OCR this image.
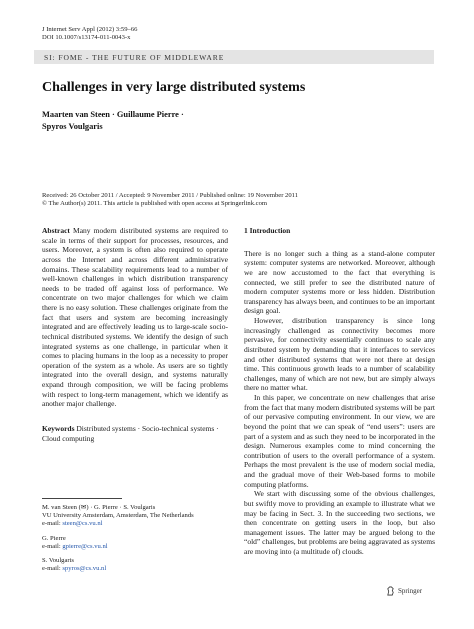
J Internet Serv Appl (2012) 3:59–66
DOI 10.1007/s13174-011-0043-x
SI: FOME - THE FUTURE OF MIDDLEWARE
Challenges in very large distributed systems
Maarten van Steen · Guillaume Pierre ·
Spyros Voulgaris
Received: 26 October 2011 / Accepted: 9 November 2011 / Published online: 19 November 2011
© The Author(s) 2011. This article is published with open access at Springerlink.com

Abstract Many modern distributed systems are required to scale in terms of their support for processes, resources, and users. Moreover, a system is often also required to operate across the Internet and across different administrative domains. These scalability requirements lead to a number of well-known challenges in which distribution transparency needs to be traded off against loss of performance. We concentrate on two major challenges for which we claim there is no easy solution. These challenges originate from the fact that users and system are becoming increasingly integrated and are effectively leading us to large-scale socio-technical distributed systems. We identify the design of such integrated systems as one challenge, in particular when it comes to placing humans in the loop as a necessity to proper operation of the system as a whole. As users are so tightly integrated into the overall design, and systems naturally expand through composition, we will be facing problems with respect to long-term management, which we identify as another major challenge.

Keywords Distributed systems · Socio-technical systems · Cloud computing

M. van Steen (✉) · G. Pierre · S. Voulgaris
VU University Amsterdam, Amsterdam, The Netherlands
e-mail: steen@cs.vu.nl
G. Pierre
e-mail: gpierre@cs.vu.nl
S. Voulgaris
e-mail: spyros@cs.vu.nl

1 Introduction

There is no longer such a thing as a stand-alone computer system: computer systems are networked. Moreover, although we are now accustomed to the fact that everything is connected, we still prefer to see the distributed nature of modern computer systems more or less hidden. Distribution transparency has always been, and continues to be an important design goal.

However, distribution transparency is since long increasingly challenged as connectivity becomes more pervasive, for connectivity essentially continues to scale any distributed system by demanding that it interfaces to services and other distributed systems that were not there at design time. This continuous growth leads to a number of scalability challenges, many of which are not new, but are simply always there no matter what.

In this paper, we concentrate on new challenges that arise from the fact that many modern distributed systems will be part of our pervasive computing environment. In our view, we are beyond the point that we can speak of “end users”: users are part of a system and as such they need to be incorporated in the design. Numerous examples come to mind concerning the contribution of users to the overall performance of a system. Perhaps the most prevalent is the use of modern social media, and the gradual move of their Web-based forms to mobile computing platforms.

We start with discussing some of the obvious challenges, but swiftly move to providing an example to illustrate what we may be facing in Sect. 3. In the succeeding two sections, we then concentrate on getting users in the loop, but also management issues. The latter may be argued belong to the “old” challenges, but problems are being aggravated as systems are moving into (a multitude of) clouds.

Springer
